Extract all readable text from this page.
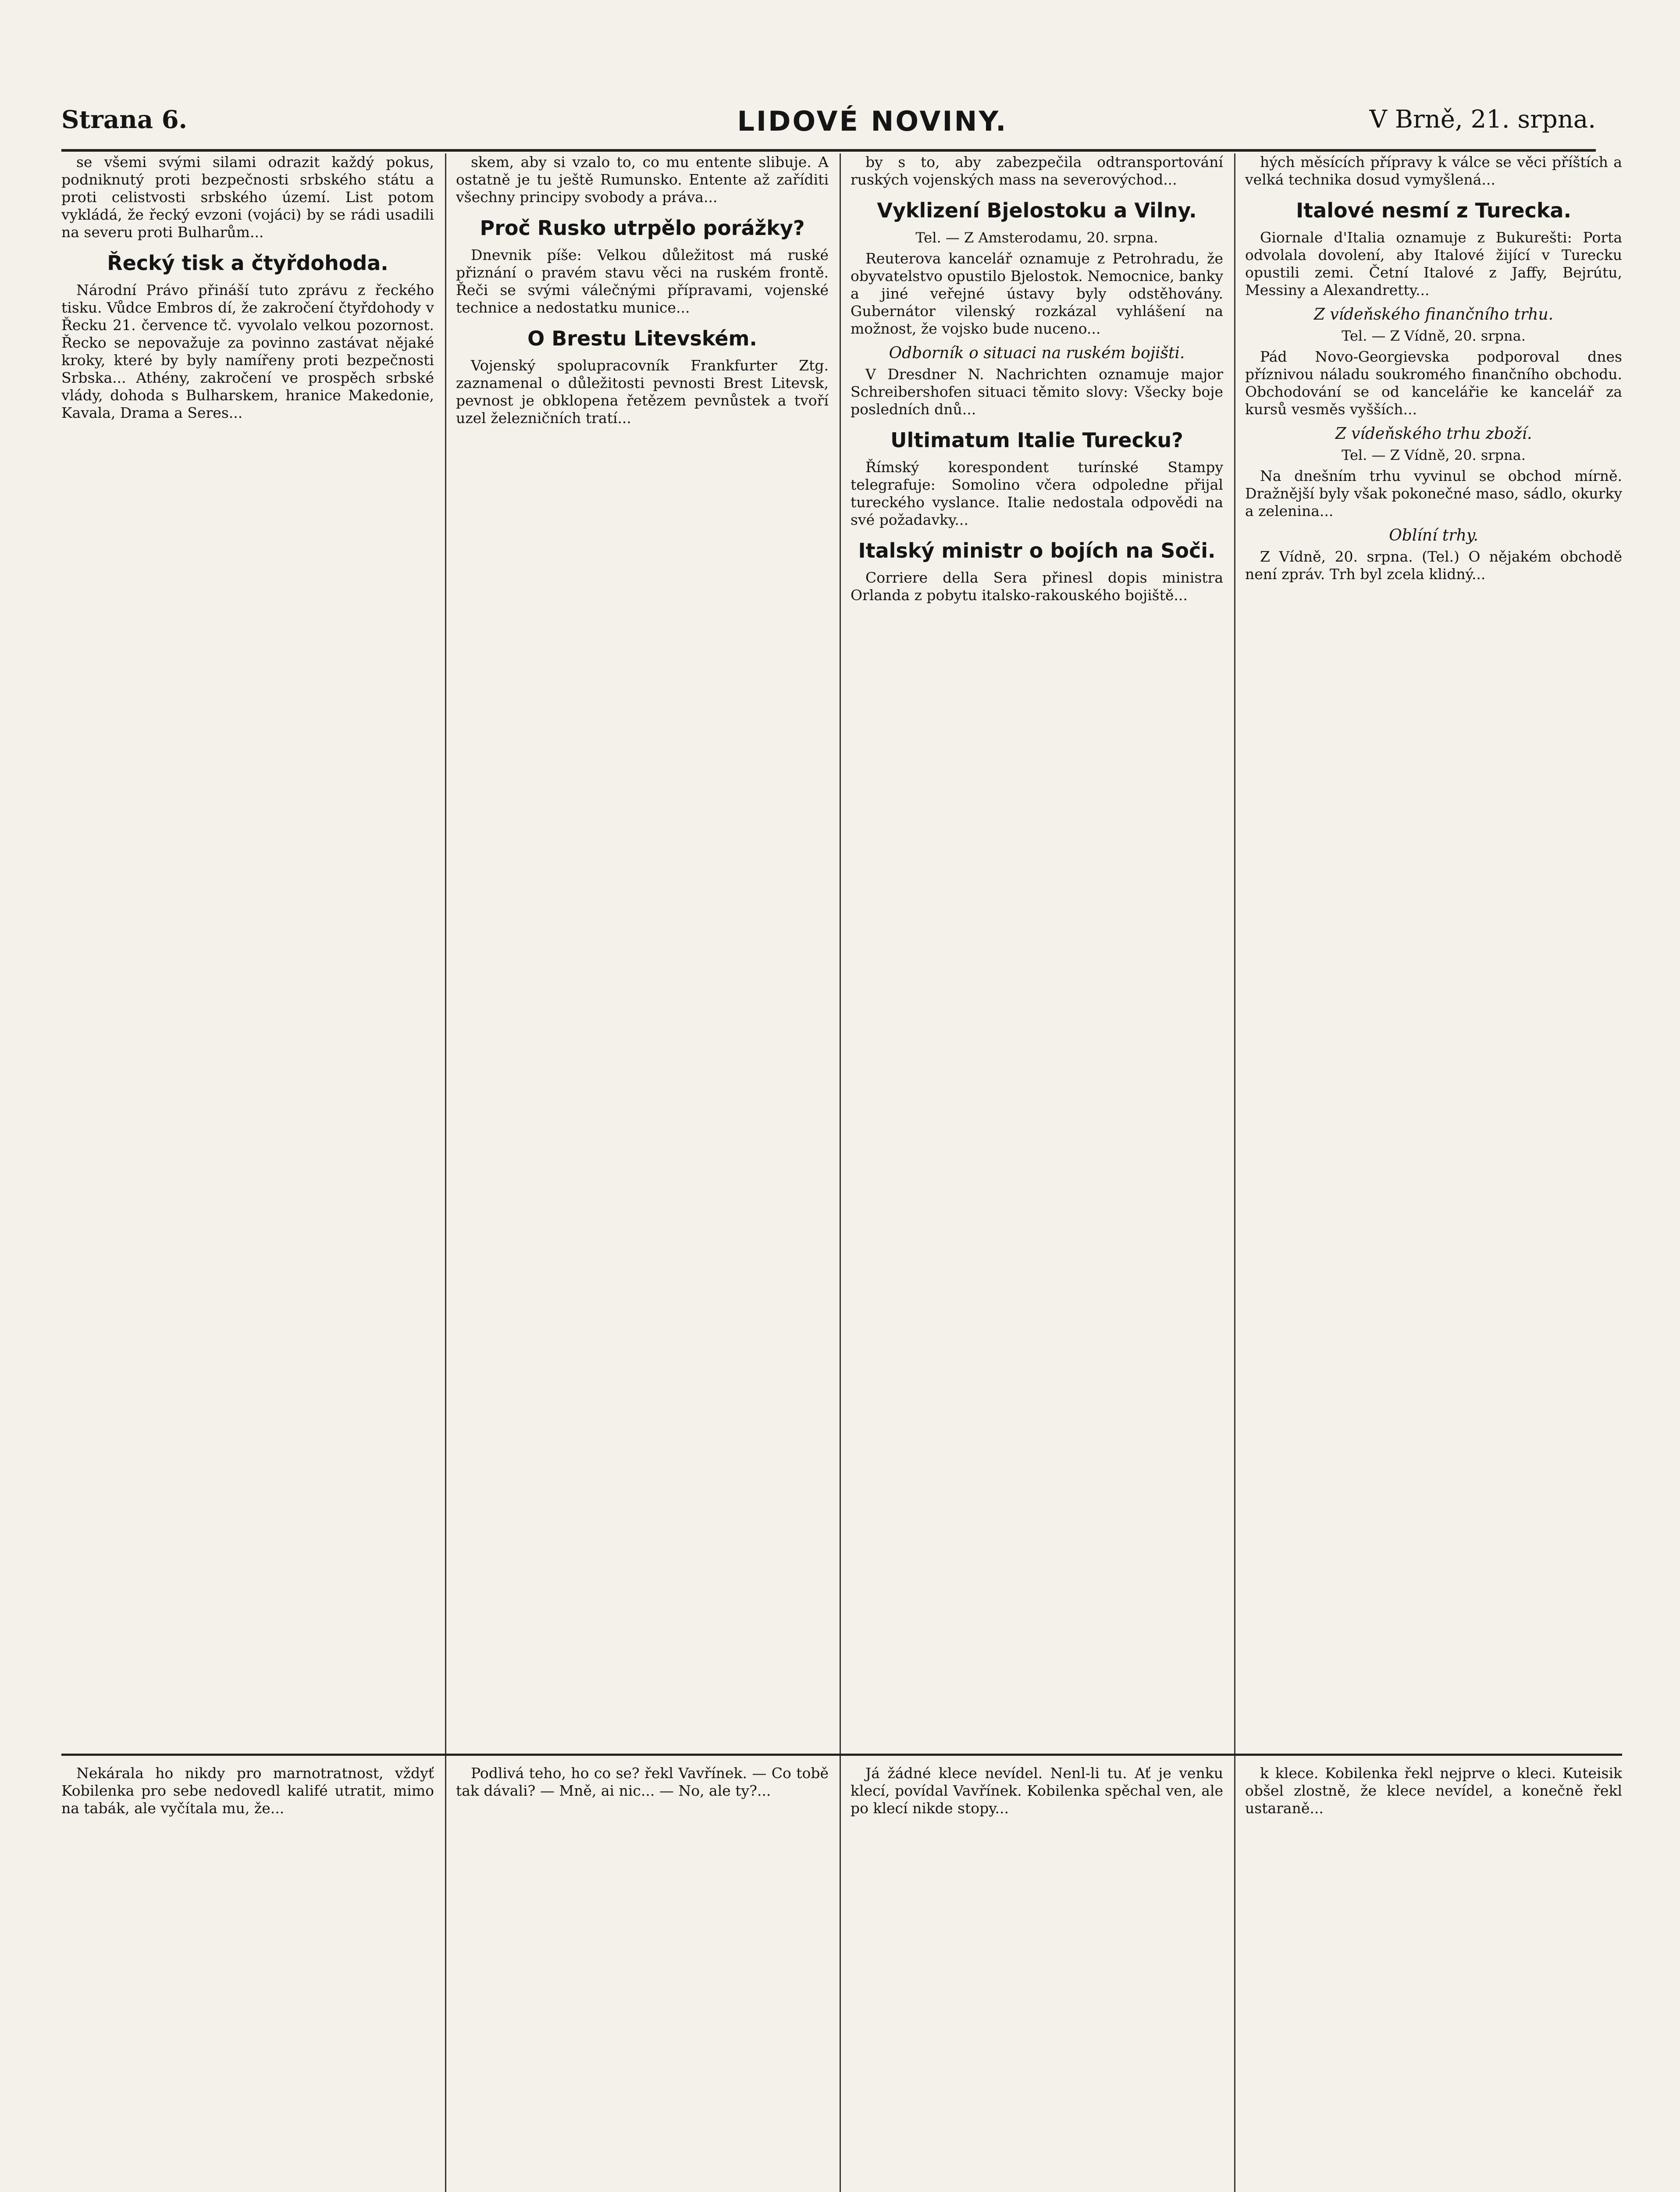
Strana 6.	LIDOVÉ NOVINY.	V Brně, 21. srpna.

se všemi svými silami odrazit každý pokus, podniknutý proti bezpečnosti srbského státu a proti celistvosti srbského území. List potom vykládá, že řecký evzoni (vojáci) by se rádi usadili na severu proti Bulharům...

Řecký tisk a čtyřdohoda.

Národní Právo přináší tuto zprávu z řeckého tisku. Vůdce Embros dí, že zakročení čtyřdohody v Řecku 21. července tč. vyvolalo velkou pozornost. Řecko se nepovažuje za povinno zastávat nějaké kroky, které by byly namířeny proti bezpečnosti Srbska... Athény, zakročení ve prospěch srbské vlády, dohoda s Bulharskem, hranice Makedonie, Kavala, Drama a Seres...

skem, aby si vzalo to, co mu entente slibuje. A ostatně je tu ještě Rumunsko. Entente až zaříditi všechny principy svobody a práva...

Proč Rusko utrpělo porážky?

Dnevnik píše: Velkou důležitost má ruské přiznání o pravém stavu věci na ruském frontě. Řeči se svými válečnými přípravami, vojenské technice a nedostatku munice...

O Brestu Litevském.

Vojenský spolupracovník Frankfurter Ztg. zaznamenal o důležitosti pevnosti Brest Litevsk, pevnost je obklopena řetězem pevnůstek a tvoří uzel železničních tratí...

by s to, aby zabezpečila odtransportování ruských vojenských mass na severovýchod...

Vyklizení Bjelostoku a Vilny.
Tel. — Z Amsterodamu, 20. srpna.

Reuterova kancelář oznamuje z Petrohradu, že obyvatelstvo opustilo Bjelostok. Nemocnice, banky a jiné veřejné ústavy byly odstěhovány. Gubernátor vilenský rozkázal vyhlášení na možnost, že vojsko bude nuceno...

Odborník o situaci na ruském bojišti.

V Dresdner N. Nachrichten oznamuje major Schreibershofen situaci těmito slovy: Všecky boje posledních dnů...

Ultimatum Italie Turecku?

Římský korespondent turínské Stampy telegrafuje: Somolino včera odpoledne přijal tureckého vyslance. Italie nedostala odpovědi na své požadavky...

Italský ministr o bojích na Soči.

Corriere della Sera přinesl dopis ministra Orlanda z pobytu italsko-rakouského bojiště...

hých měsících přípravy k válce se věci příštích a velká technika dosud vymyšlená...

Italové nesmí z Turecka.

Giornale d'Italia oznamuje z Bukurešti: Porta odvolala dovolení, aby Italové žijící v Turecku opustili zemi. Četní Italové z Jaffy, Bejrútu, Messiny a Alexandretty...

Z vídeňského finančního trhu.
Tel. — Z Vídně, 20. srpna.

Pád Novo-Georgievska podporoval dnes příznivou náladu soukromého finančního obchodu. Obchodování se od kancelářie ke kancelář za kursů vesměs vyšších...

Z vídeňského trhu zboží.
Tel. — Z Vídně, 20. srpna.

Na dnešním trhu vyvinul se obchod mírně. Dražnější byly však pokonečné maso, sádlo, okurky a zelenina...

Oblíní trhy.

Z Vídně, 20. srpna. (Tel.) O nějakém obchodě není zpráv. Trh byl zcela klidný...

Nekárala ho nikdy pro marnotratnost, vždyť Kobilenka pro sebe nedovedl kalifé utratit, mimo na tabák, ale vyčítala mu, že...

Podlivá teho, ho co se? řekl Vavřínek. — Co tobě tak dávali? — Mně, ai nic... — No, ale ty?...

Já žádné klece nevídel. Nenl-li tu. Ať je venku klecí, povídal Vavřínek. Kobilenka spěchal ven, ale po klecí nikde stopy...

k klece. Kobilenka řekl nejprve o kleci. Kuteisik obšel zlostně, že klece nevídel, a konečně řekl ustaraně...
